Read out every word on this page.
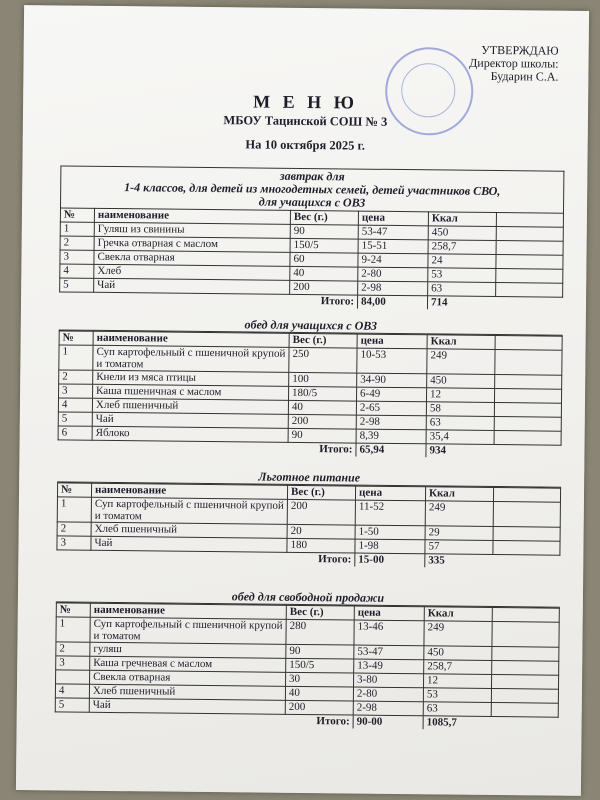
УТВЕРЖДАЮ
Директор школы:
Бударин С.А.
М Е Н Ю
МБОУ Тацинской СОШ № 3
На 10 октября 2025 г.
завтрак для
1-4 классов, для детей из многодетных семей, детей участников СВО,
для учащихся с ОВЗ
№	наименование	Вес (г.)	цена	Ккал	
1	Гуляш из свинины	90	53-47	450	
2	Гречка отварная с маслом	150/5	15-51	258,7	
3	Свекла отварная	60	9-24	24	
4	Хлеб	40	2-80	53	
5	Чай	200	2-98	63	
Итого:			84,00	714	
обед для учащихся с ОВЗ
№	наименование	Вес (г.)	цена	Ккал	
1	Суп картофельный с пшеничной крупой и томатом	250	10-53	249	
2	Кнели из мяса птицы	100	34-90	450	
3	Каша пшеничная с маслом	180/5	6-49	12	
4	Хлеб пшеничный	40	2-65	58	
5	Чай	200	2-98	63	
6	Яблоко	90	8,39	35,4	
Итого:			65,94	934	
Льготное питание
№	наименование	Вес (г.)	цена	Ккал	
1	Суп картофельный с пшеничной крупой и томатом	200	11-52	249	
2	Хлеб пшеничный	20	1-50	29	
3	Чай	180	1-98	57	
Итого:			15-00	335	
обед для свободной продажи
№	наименование	Вес (г.)	цена	Ккал	
1	Суп картофельный с пшеничной крупой и томатом	280	13-46	249	
2	гуляш	90	53-47	450	
3	Каша гречневая с маслом	150/5	13-49	258,7	
	Свекла отварная	30	3-80	12	
4	Хлеб пшеничный	40	2-80	53	
5	Чай	200	2-98	63	
Итого:			90-00	1085,7	
